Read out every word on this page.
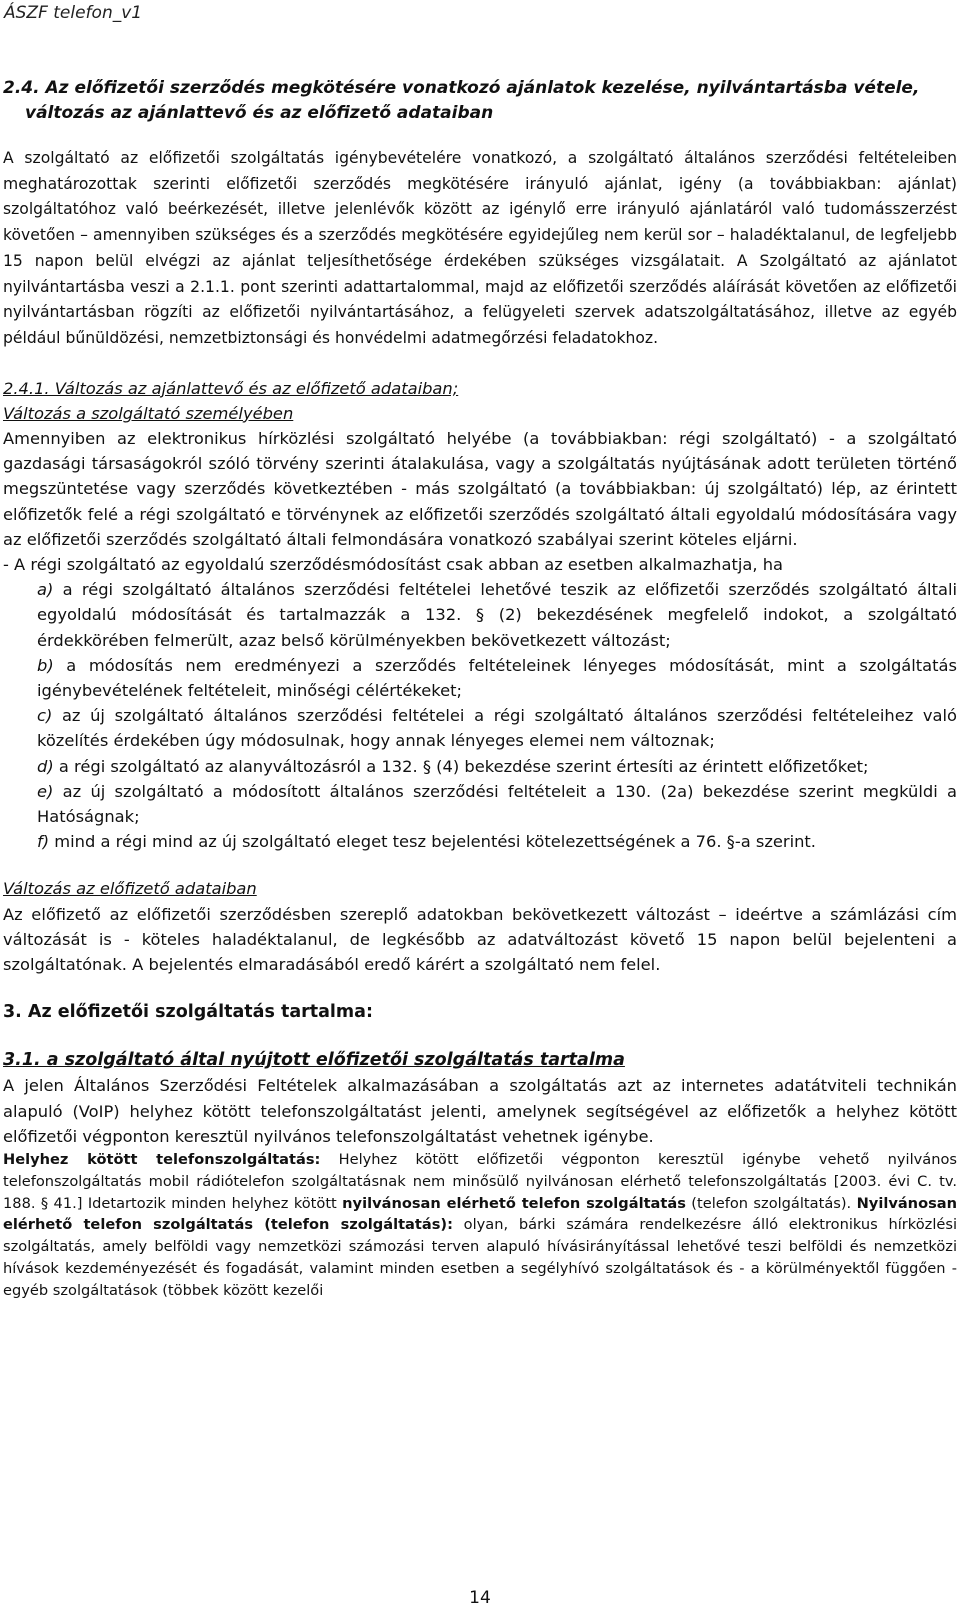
ÁSZF telefon_v1

2.4. Az előfizetői szerződés megkötésére vonatkozó ajánlatok kezelése, nyilvántartásba vétele, változás az ajánlattevő és az előfizető adataiban

A szolgáltató az előfizetői szolgáltatás igénybevételére vonatkozó, a szolgáltató általános szerződési feltételeiben meghatározottak szerinti előfizetői szerződés megkötésére irányuló ajánlat, igény (a továbbiakban: ajánlat) szolgáltatóhoz való beérkezését, illetve jelenlévők között az igénylő erre irányuló ajánlatáról való tudomásszerzést követően – amennyiben szükséges és a szerződés megkötésére egyidejűleg nem kerül sor – haladéktalanul, de legfeljebb 15 napon belül elvégzi az ajánlat teljesíthetősége érdekében szükséges vizsgálatait. A Szolgáltató az ajánlatot nyilvántartásba veszi a 2.1.1. pont szerinti adattartalommal, majd az előfizetői szerződés aláírását követően az előfizetői nyilvántartásban rögzíti az előfizetői nyilvántartásához, a felügyeleti szervek adatszolgáltatásához, illetve az egyéb például bűnüldözési, nemzetbiztonsági és honvédelmi adatmegőrzési feladatokhoz.

2.4.1. Változás az ajánlattevő és az előfizető adataiban;

Változás a szolgáltató személyében

Amennyiben az elektronikus hírközlési szolgáltató helyébe (a továbbiakban: régi szolgáltató) - a szolgáltató gazdasági társaságokról szóló törvény szerinti átalakulása, vagy a szolgáltatás nyújtásának adott területen történő megszüntetése vagy szerződés következtében - más szolgáltató (a továbbiakban: új szolgáltató) lép, az érintett előfizetők felé a régi szolgáltató e törvénynek az előfizetői szerződés szolgáltató általi egyoldalú módosítására vagy az előfizetői szerződés szolgáltató általi felmondására vonatkozó szabályai szerint köteles eljárni.

- A régi szolgáltató az egyoldalú szerződésmódosítást csak abban az esetben alkalmazhatja, ha

a) a régi szolgáltató általános szerződési feltételei lehetővé teszik az előfizetői szerződés szolgáltató általi egyoldalú módosítását és tartalmazzák a 132. § (2) bekezdésének megfelelő indokot, a szolgáltató érdekkörében felmerült, azaz belső körülményekben bekövetkezett változást;

b) a módosítás nem eredményezi a szerződés feltételeinek lényeges módosítását, mint a szolgáltatás igénybevételének feltételeit, minőségi célértékeket;

c) az új szolgáltató általános szerződési feltételei a régi szolgáltató általános szerződési feltételeihez való közelítés érdekében úgy módosulnak, hogy annak lényeges elemei nem változnak;

d) a régi szolgáltató az alanyváltozásról a 132. § (4) bekezdése szerint értesíti az érintett előfizetőket;

e) az új szolgáltató a módosított általános szerződési feltételeit a 130. (2a) bekezdése szerint megküldi a Hatóságnak;

f) mind a régi mind az új szolgáltató eleget tesz bejelentési kötelezettségének a 76. §-a szerint.

Változás az előfizető adataiban

Az előfizető az előfizetői szerződésben szereplő adatokban bekövetkezett változást – ideértve a számlázási cím változását is - köteles haladéktalanul, de legkésőbb az adatváltozást követő 15 napon belül bejelenteni a szolgáltatónak. A bejelentés elmaradásából eredő kárért a szolgáltató nem felel.

3. Az előfizetői szolgáltatás tartalma:

3.1. a szolgáltató által nyújtott előfizetői szolgáltatás tartalma

A jelen Általános Szerződési Feltételek alkalmazásában a szolgáltatás azt az internetes adatátviteli technikán alapuló (VoIP) helyhez kötött telefonszolgáltatást jelenti, amelynek segítségével az előfizetők a helyhez kötött előfizetői végponton keresztül nyilvános telefonszolgáltatást vehetnek igénybe.

Helyhez kötött telefonszolgáltatás: Helyhez kötött előfizetői végponton keresztül igénybe vehető nyilvános telefonszolgáltatás mobil rádiótelefon szolgáltatásnak nem minősülő nyilvánosan elérhető telefonszolgáltatás [2003. évi C. tv. 188. § 41.] Idetartozik minden helyhez kötött nyilvánosan elérhető telefon szolgáltatás (telefon szolgáltatás). Nyilvánosan elérhető telefon szolgáltatás (telefon szolgáltatás): olyan, bárki számára rendelkezésre álló elektronikus hírközlési szolgáltatás, amely belföldi vagy nemzetközi számozási terven alapuló hívásirányítással lehetővé teszi belföldi és nemzetközi hívások kezdeményezését és fogadását, valamint minden esetben a segélyhívó szolgáltatások és - a körülményektől függően - egyéb szolgáltatások (többek között kezelői

14
